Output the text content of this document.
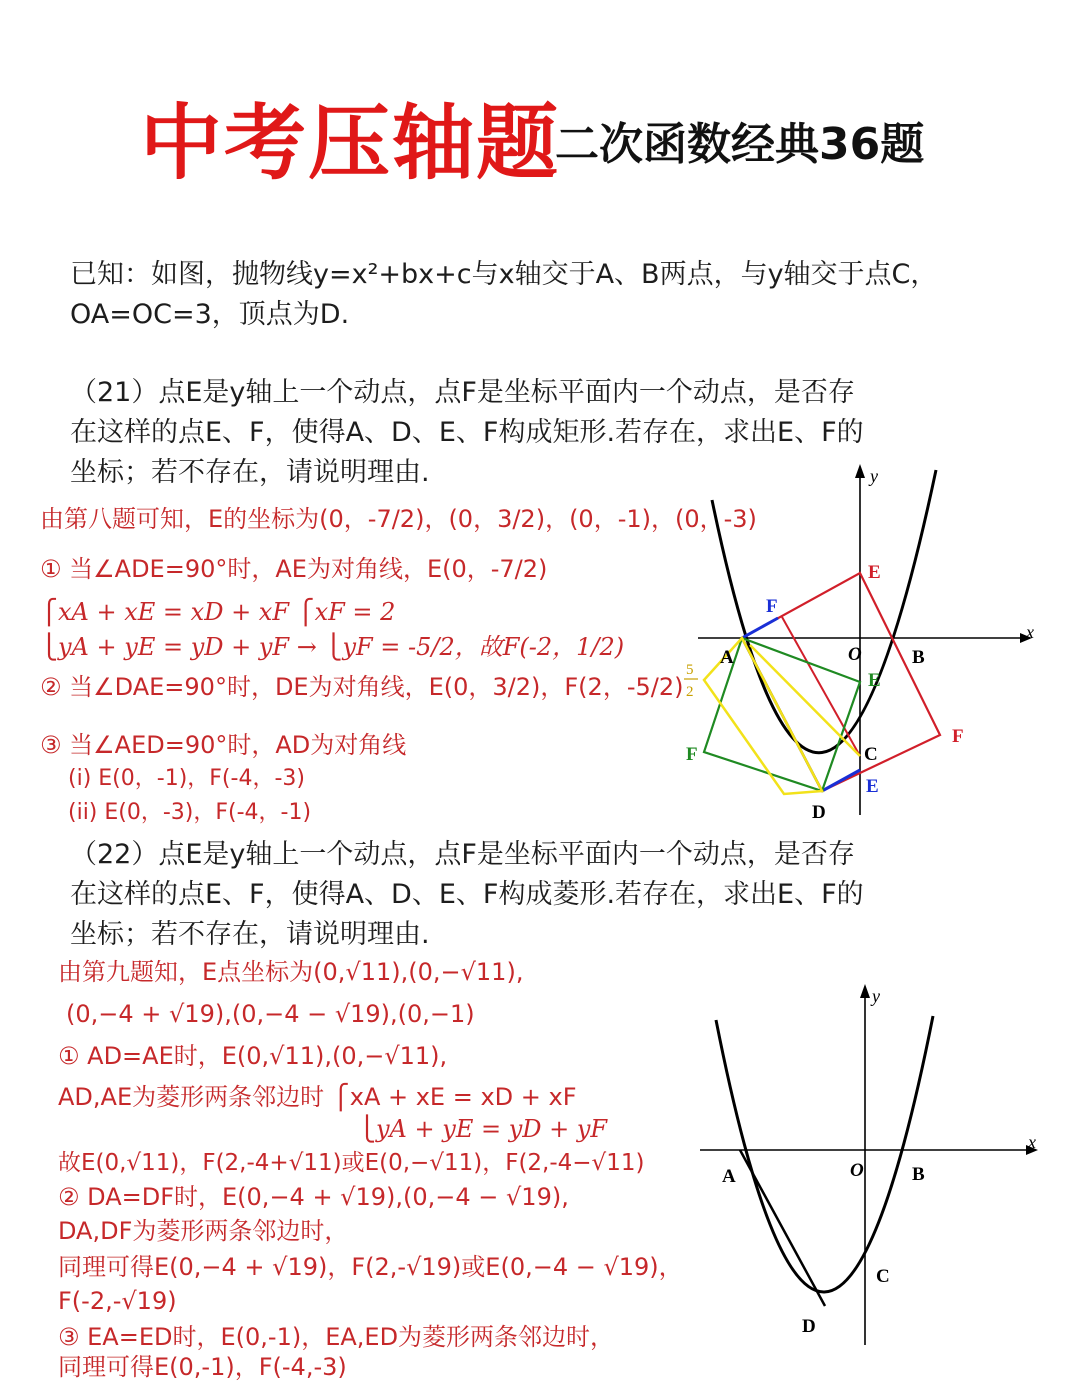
中考压轴题
二次函数经典36题
已知：如图，抛物线y=x²+bx+c与x轴交于A、B两点，与y轴交于点C，
OA=OC=3，顶点为D.
（21）点E是y轴上一个动点，点F是坐标平面内一个动点，是否存
在这样的点E、F，使得A、D、E、F构成矩形.若存在，求出E、F的
坐标；若不存在，请说明理由.
由第八题可知，E的坐标为(0，-7/2)，(0，3/2)，(0，-1)，(0，-3)
① 当∠ADE=90°时，AE为对角线，E(0，-7/2)
⎧xA + xE = xD + xF ⎧xF = 2
⎩yA + yE = yD + yF → ⎩yF = -5/2，故F(-2，1/2)
② 当∠DAE=90°时，DE为对角线，E(0，3/2)，F(2，-5/2)
③ 当∠AED=90°时，AD为对角线
(i) E(0，-1)，F(-4，-3)
(ii) E(0，-3)，F(-4，-1)
y
x
O
A	B
C
D
E
E
E
F
F
F
5
2
（22）点E是y轴上一个动点，点F是坐标平面内一个动点，是否存
在这样的点E、F，使得A、D、E、F构成菱形.若存在，求出E、F的
坐标；若不存在，请说明理由.
由第九题知，E点坐标为(0,√11),(0,−√11),
(0,−4 + √19),(0,−4 − √19),(0,−1)
① AD=AE时，E(0,√11),(0,−√11),
AD,AE为菱形两条邻边时 ⎧xA + xE = xD + xF
⎩yA + yE = yD + yF
故E(0,√11)，F(2,-4+√11)或E(0,−√11)，F(2,-4−√11)
② DA=DF时，E(0,−4 + √19),(0,−4 − √19),
DA,DF为菱形两条邻边时，
同理可得E(0,−4 + √19)，F(2,-√19)或E(0,−4 − √19)，
F(-2,-√19)
③ EA=ED时，E(0,-1)，EA,ED为菱形两条邻边时，
同理可得E(0,-1)，F(-4,-3)
y
x
O
A	B
C
D
